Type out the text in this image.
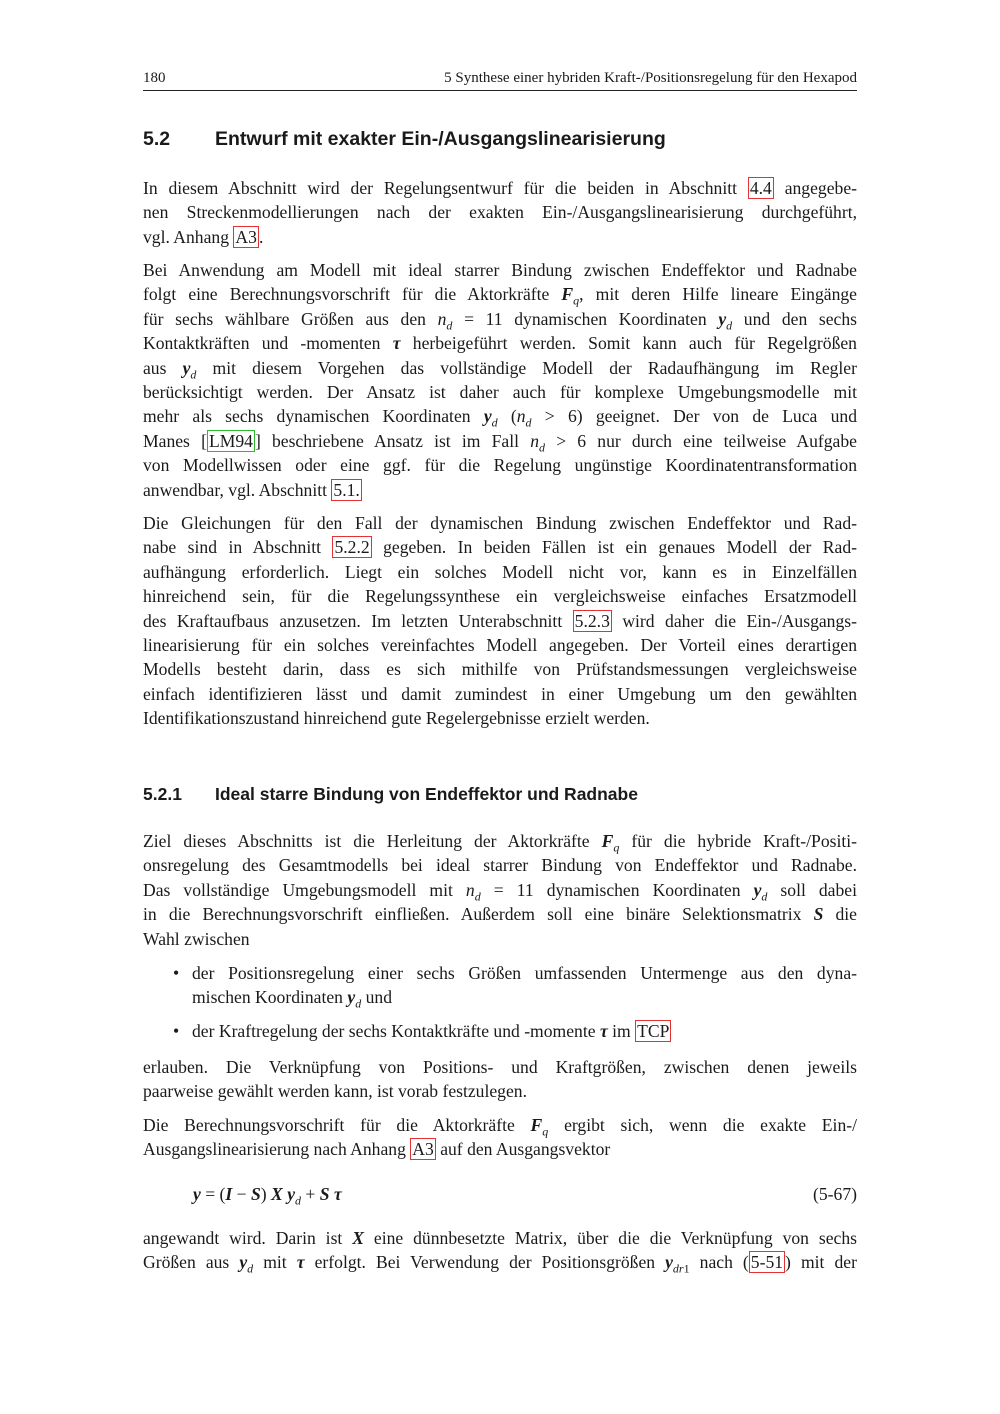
180	5 Synthese einer hybriden Kraft-/Positionsregelung für den Hexapod
5.2 Entwurf mit exakter Ein-/Ausgangslinearisierung
In diesem Abschnitt wird der Regelungsentwurf für die beiden in Abschnitt 4.4 angegebe-
nen Streckenmodellierungen nach der exakten Ein-/Ausgangslinearisierung durchgeführt,
vgl. Anhang A3 .
Bei Anwendung am Modell mit ideal starrer Bindung zwischen Endeffektor und Radnabe
folgt eine Berechnungsvorschrift für die Aktorkräfte $F_q$, mit deren Hilfe lineare Eingänge
für sechs wählbare Größen aus den $n_d = 11$ dynamischen Koordinaten $y_d$ und den sechs
Kontaktkräften und -momenten τ herbeigeführt werden. Somit kann auch für Regelgrößen
aus $y_d$ mit diesem Vorgehen das vollständige Modell der Radaufhängung im Regler
berücksichtigt werden. Der Ansatz ist daher auch für komplexe Umgebungsmodelle mit
mehr als sechs dynamischen Koordinaten $y_d$ $(n_d > 6)$ geeignet. Der von de Luca und
Manes [ LM94 ] beschriebene Ansatz ist im Fall $n_d > 6$ nur durch eine teilweise Aufgabe
von Modellwissen oder eine ggf. für die Regelung ungünstige Koordinatentransformation
anwendbar, vgl. Abschnitt 5.1.
Die Gleichungen für den Fall der dynamischen Bindung zwischen Endeffektor und Rad-
nabe sind in Abschnitt 5.2.2 gegeben. In beiden Fällen ist ein genaues Modell der Rad-
aufhängung erforderlich. Liegt ein solches Modell nicht vor, kann es in Einzelfällen
hinreichend sein, für die Regelungssynthese ein vergleichsweise einfaches Ersatzmodell
des Kraftaufbaus anzusetzen. Im letzten Unterabschnitt 5.2.3 wird daher die Ein-/Ausgangs-
linearisierung für ein solches vereinfachtes Modell angegeben. Der Vorteil eines derartigen
Modells besteht darin, dass es sich mithilfe von Prüfstandsmessungen vergleichsweise
einfach identifizieren lässt und damit zumindest in einer Umgebung um den gewählten
Identifikationszustand hinreichend gute Regelergebnisse erzielt werden.
5.2.1 Ideal starre Bindung von Endeffektor und Radnabe
Ziel dieses Abschnitts ist die Herleitung der Aktorkräfte $F_q$ für die hybride Kraft-/Positi-
onsregelung des Gesamtmodells bei ideal starrer Bindung von Endeffektor und Radnabe.
Das vollständige Umgebungsmodell mit $n_d = 11$ dynamischen Koordinaten $y_d$ soll dabei
in die Berechnungsvorschrift einfließen. Außerdem soll eine binäre Selektionsmatrix S die
Wahl zwischen
• der Positionsregelung einer sechs Größen umfassenden Untermenge aus den dyna-
mischen Koordinaten $y_d$ und
• der Kraftregelung der sechs Kontaktkräfte und -momente τ im TCP
erlauben. Die Verknüpfung von Positions- und Kraftgrößen, zwischen denen jeweils
paarweise gewählt werden kann, ist vorab festzulegen.
Die Berechnungsvorschrift für die Aktorkräfte $F_q$ ergibt sich, wenn die exakte Ein-/
Ausgangslinearisierung nach Anhang A3 auf den Ausgangsvektor
y = (I − S) X $y_d + S$ τ	(5-67)
angewandt wird. Darin ist X eine dünnbesetzte Matrix, über die die Verknüpfung von sechs
Größen aus $y_d$ mit τ erfolgt. Bei Verwendung der Positionsgrößen $y_{dr1}$ nach ( 5-51 ) mit der
